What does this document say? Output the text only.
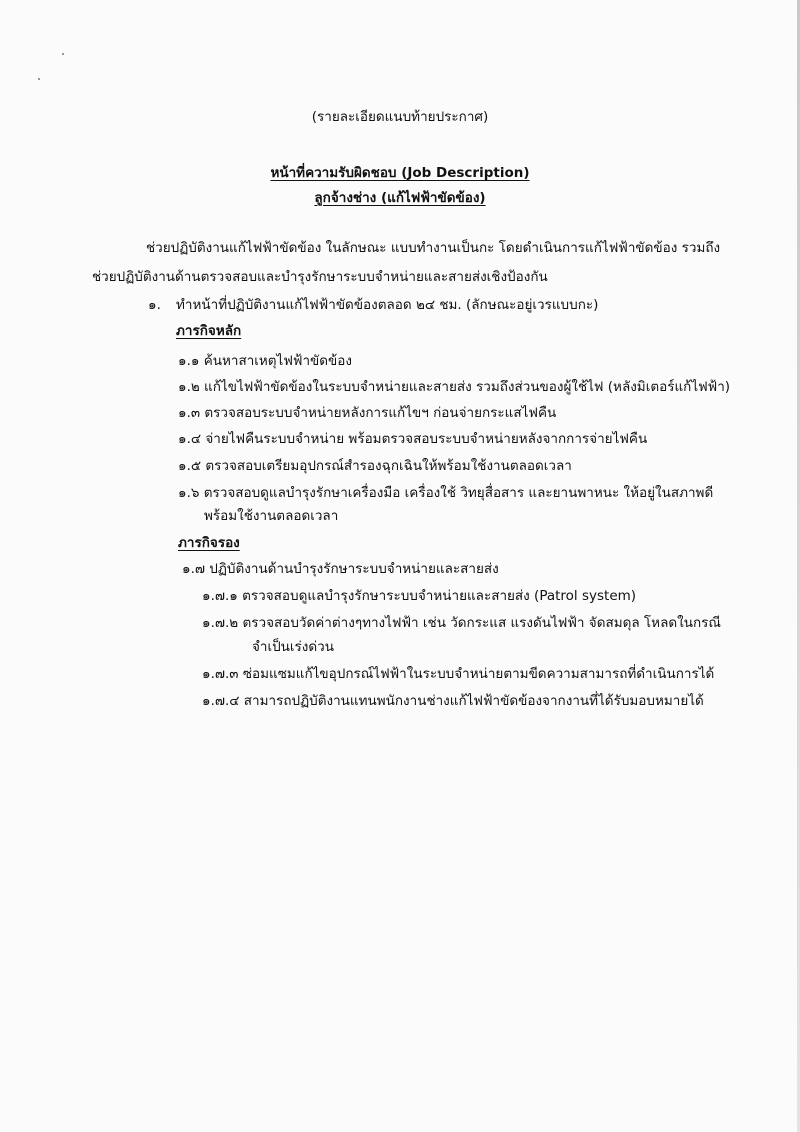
(รายละเอียดแนบท้ายประกาศ)
หน้าที่ความรับผิดชอบ (Job Description)
ลูกจ้างช่าง (แก้ไฟฟ้าขัดข้อง)
ช่วยปฏิบัติงานแก้ไฟฟ้าขัดข้อง ในลักษณะ แบบทำงานเป็นกะ โดยดำเนินการแก้ไฟฟ้าขัดข้อง รวมถึง
ช่วยปฏิบัติงานด้านตรวจสอบและบำรุงรักษาระบบจำหน่ายและสายส่งเชิงป้องกัน
๑. ทำหน้าที่ปฏิบัติงานแก้ไฟฟ้าขัดข้องตลอด ๒๔ ชม. (ลักษณะอยู่เวรแบบกะ)
ภารกิจหลัก
๑.๑ ค้นหาสาเหตุไฟฟ้าขัดข้อง
๑.๒ แก้ไขไฟฟ้าขัดข้องในระบบจำหน่ายและสายส่ง รวมถึงส่วนของผู้ใช้ไฟ (หลังมิเตอร์แก้ไฟฟ้า)
๑.๓ ตรวจสอบระบบจำหน่ายหลังการแก้ไขฯ ก่อนจ่ายกระแสไฟคืน
๑.๔ จ่ายไฟคืนระบบจำหน่าย พร้อมตรวจสอบระบบจำหน่ายหลังจากการจ่ายไฟคืน
๑.๕ ตรวจสอบเตรียมอุปกรณ์สำรองฉุกเฉินให้พร้อมใช้งานตลอดเวลา
๑.๖ ตรวจสอบดูแลบำรุงรักษาเครื่องมือ เครื่องใช้ วิทยุสื่อสาร และยานพาหนะ ให้อยู่ในสภาพดี
พร้อมใช้งานตลอดเวลา
ภารกิจรอง
๑.๗ ปฏิบัติงานด้านบำรุงรักษาระบบจำหน่ายและสายส่ง
๑.๗.๑ ตรวจสอบดูแลบำรุงรักษาระบบจำหน่ายและสายส่ง (Patrol system)
๑.๗.๒ ตรวจสอบวัดค่าต่างๆทางไฟฟ้า เช่น วัดกระแส แรงดันไฟฟ้า จัดสมดุล โหลดในกรณี
จำเป็นเร่งด่วน
๑.๗.๓ ซ่อมแซมแก้ไขอุปกรณ์ไฟฟ้าในระบบจำหน่ายตามขีดความสามารถที่ดำเนินการได้
๑.๗.๔ สามารถปฏิบัติงานแทนพนักงานช่างแก้ไฟฟ้าขัดข้องจากงานที่ได้รับมอบหมายได้
